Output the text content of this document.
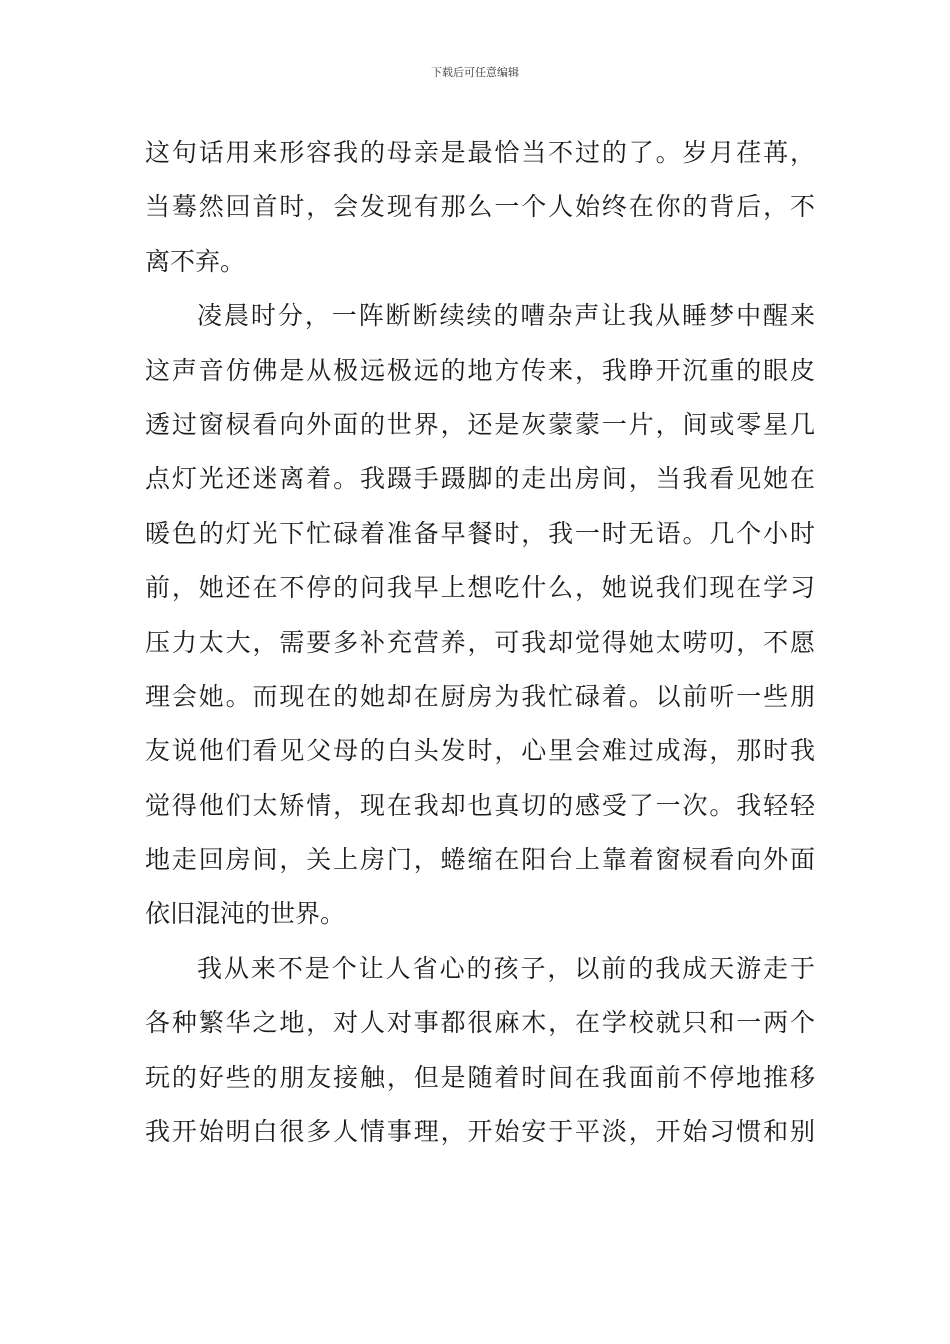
下载后可任意编辑
这句话用来形容我的母亲是最恰当不过的了。岁月荏苒，
当蓦然回首时，会发现有那么一个人始终在你的背后，不
离不弃。
凌晨时分，一阵断断续续的嘈杂声让我从睡梦中醒来
这声音仿佛是从极远极远的地方传来，我睁开沉重的眼皮
透过窗棂看向外面的世界，还是灰蒙蒙一片，间或零星几
点灯光还迷离着。我蹑手蹑脚的走出房间，当我看见她在
暖色的灯光下忙碌着准备早餐时，我一时无语。几个小时
前，她还在不停的问我早上想吃什么，她说我们现在学习
压力太大，需要多补充营养，可我却觉得她太唠叨，不愿
理会她。而现在的她却在厨房为我忙碌着。以前听一些朋
友说他们看见父母的白头发时，心里会难过成海，那时我
觉得他们太矫情，现在我却也真切的感受了一次。我轻轻
地走回房间，关上房门，蜷缩在阳台上靠着窗棂看向外面
依旧混沌的世界。
我从来不是个让人省心的孩子，以前的我成天游走于
各种繁华之地，对人对事都很麻木，在学校就只和一两个
玩的好些的朋友接触，但是随着时间在我面前不停地推移
我开始明白很多人情事理，开始安于平淡，开始习惯和别
